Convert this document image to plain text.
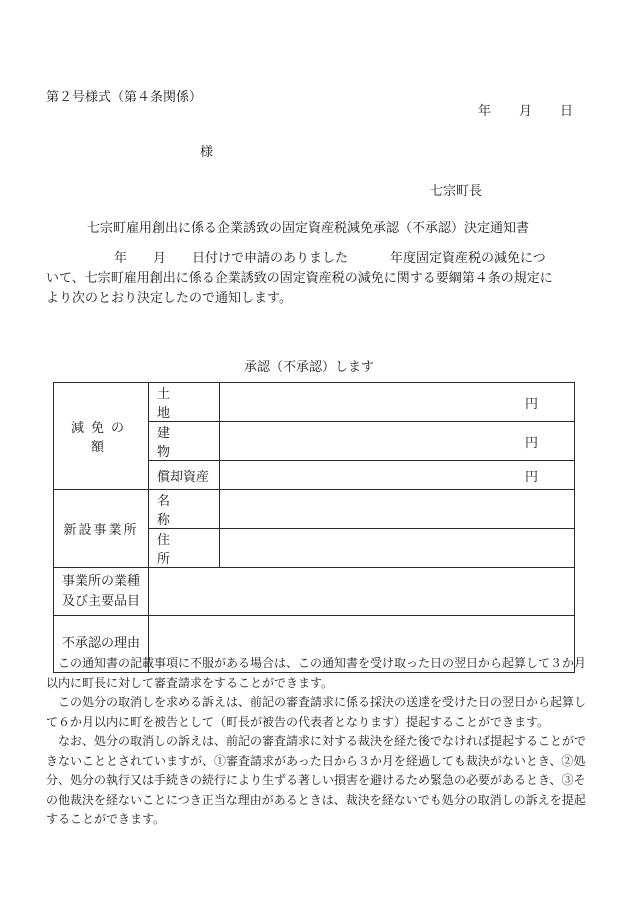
第２号様式（第４条関係）
年 月 日
様
七宗町長
七宗町雇用創出に係る企業誘致の固定資産税減免承認（不承認）決定通知書
年 月 日付けで申請のありました	年度固定資産税の減免につ
いて、七宗町雇用創出に係る企業誘致の固定資産税の減免に関する要綱第４条の規定に
より次のとおり決定したので通知します。
承認（不承認）します
減免の額	土地	円
	建物	円
	償却資産	円
新設事業所	名称	
	住所	
事業所の業種
及び主要品目		
不承認の理由		
　この通知書の記載事項に不服がある場合は、この通知書を受け取った日の翌日から起算して３か月
以内に町長に対して審査請求をすることができます。
　この処分の取消しを求める訴えは、前記の審査請求に係る採決の送達を受けた日の翌日から起算し
て６か月以内に町を被告として（町長が被告の代表者となります）提起することができます。
　なお、処分の取消しの訴えは、前記の審査請求に対する裁決を経た後でなければ提起することがで
きないこととされていますが、①審査請求があった日から３か月を経過しても裁決がないとき、②処
分、処分の執行又は手続きの続行により生ずる著しい損害を避けるため緊急の必要があるとき、③そ
の他裁決を経ないことにつき正当な理由があるときは、裁決を経ないでも処分の取消しの訴えを提起
することができます。
